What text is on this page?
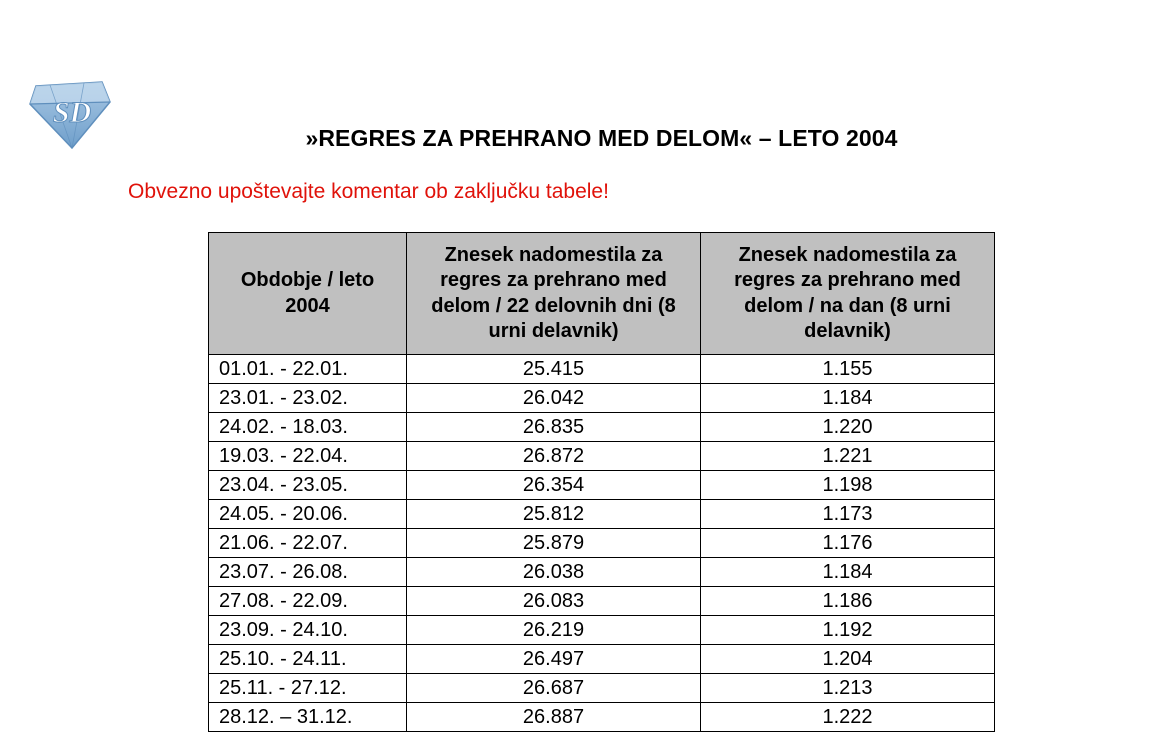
SD
»REGRES ZA PREHRANO MED DELOM« – LETO 2004
Obvezno upoštevajte komentar ob zaključku tabele!
Obdobje / leto 2004	Znesek nadomestila za regres za prehrano med delom / 22 delovnih dni (8 urni delavnik)	Znesek nadomestila za regres za prehrano med delom / na dan (8 urni delavnik)

01.01. - 22.01.	25.415	1.155
23.01. - 23.02.	26.042	1.184
24.02. - 18.03.	26.835	1.220
19.03. - 22.04.	26.872	1.221
23.04. - 23.05.	26.354	1.198
24.05. - 20.06.	25.812	1.173
21.06. - 22.07.	25.879	1.176
23.07. - 26.08.	26.038	1.184
27.08. - 22.09.	26.083	1.186
23.09. - 24.10.	26.219	1.192
25.10. - 24.11.	26.497	1.204
25.11. - 27.12.	26.687	1.213
28.12. – 31.12.	26.887	1.222
